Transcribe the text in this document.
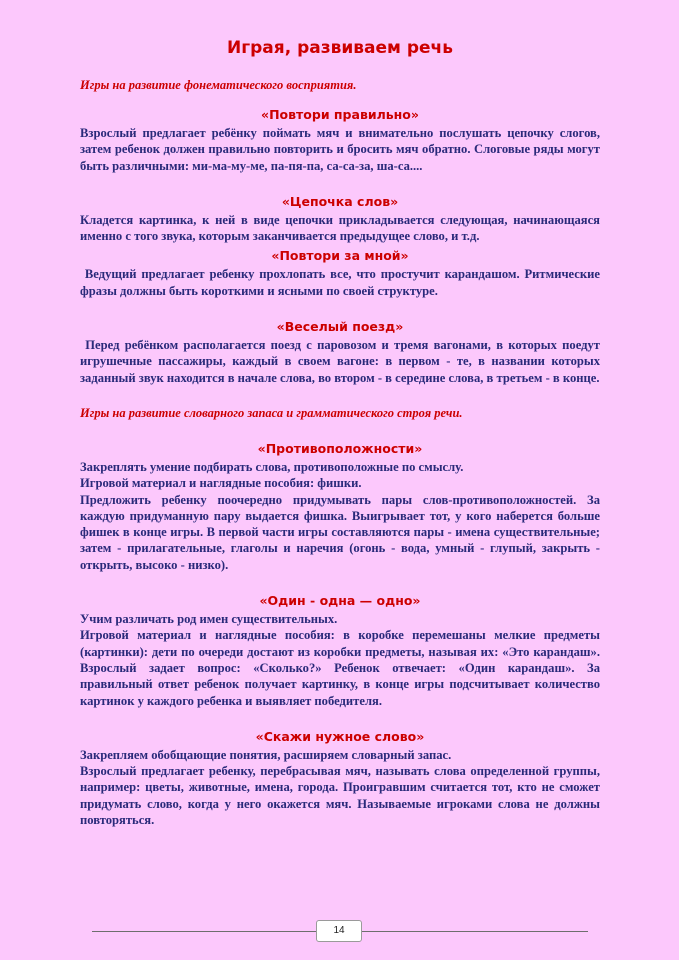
Играя, развиваем речь
Игры на развитие фонематического восприятия.
«Повтори правильно»

Взрослый предлагает ребёнку поймать мяч и внимательно послушать цепочку слогов, затем ребенок должен правильно повторить и бросить мяч обратно. Слоговые ряды могут быть различными: ми-ма-му-ме, па-пя-па, са-са-за, ша-са....

«Цепочка слов»

Кладется картинка, к ней в виде цепочки прикладывается следующая, начинающаяся именно с того звука, которым заканчивается предыдущее слово, и т.д.

«Повтори за мной»

Ведущий предлагает ребенку прохлопать все, что простучит карандашом. Ритмические фразы должны быть короткими и ясными по своей структуре.

«Веселый поезд»

Перед ребёнком располагается поезд с паровозом и тремя вагонами, в которых поедут игрушечные пассажиры, каждый в своем вагоне: в первом - те, в названии которых заданный звук находится в начале слова, во втором - в середине слова, в третьем - в конце.

Игры на развитие словарного запаса и грамматического строя речи.
«Противоположности»

Закреплять умение подбирать слова, противоположные по смыслу.

Игровой материал и наглядные пособия: фишки.

Предложить ребенку поочередно придумывать пары слов-противоположностей. За каждую придуманную пару выдается фишка. Выигрывает тот, у кого наберется больше фишек в конце игры. В первой части игры составляются пары - имена существительные; затем - прилагательные, глаголы и наречия (огонь - вода, умный - глупый, закрыть - открыть, высоко - низко).

«Один - одна — одно»

Учим различать род имен существительных.

Игровой материал и наглядные пособия: в коробке перемешаны мелкие предметы (картинки): дети по очереди достают из коробки предметы, называя их: «Это карандаш». Взрослый задает вопрос: «Сколько?» Ребенок отвечает: «Один карандаш». За правильный ответ ребенок получает картинку, в конце игры подсчитывает количество картинок у каждого ребенка и выявляет победителя.

«Скажи нужное слово»

Закрепляем обобщающие понятия, расширяем словарный запас.

Взрослый предлагает ребенку, перебрасывая мяч, называть слова определенной группы, например: цветы, животные, имена, города. Проигравшим считается тот, кто не сможет придумать слово, когда у него окажется мяч. Называемые игроками слова не должны повторяться.

14
